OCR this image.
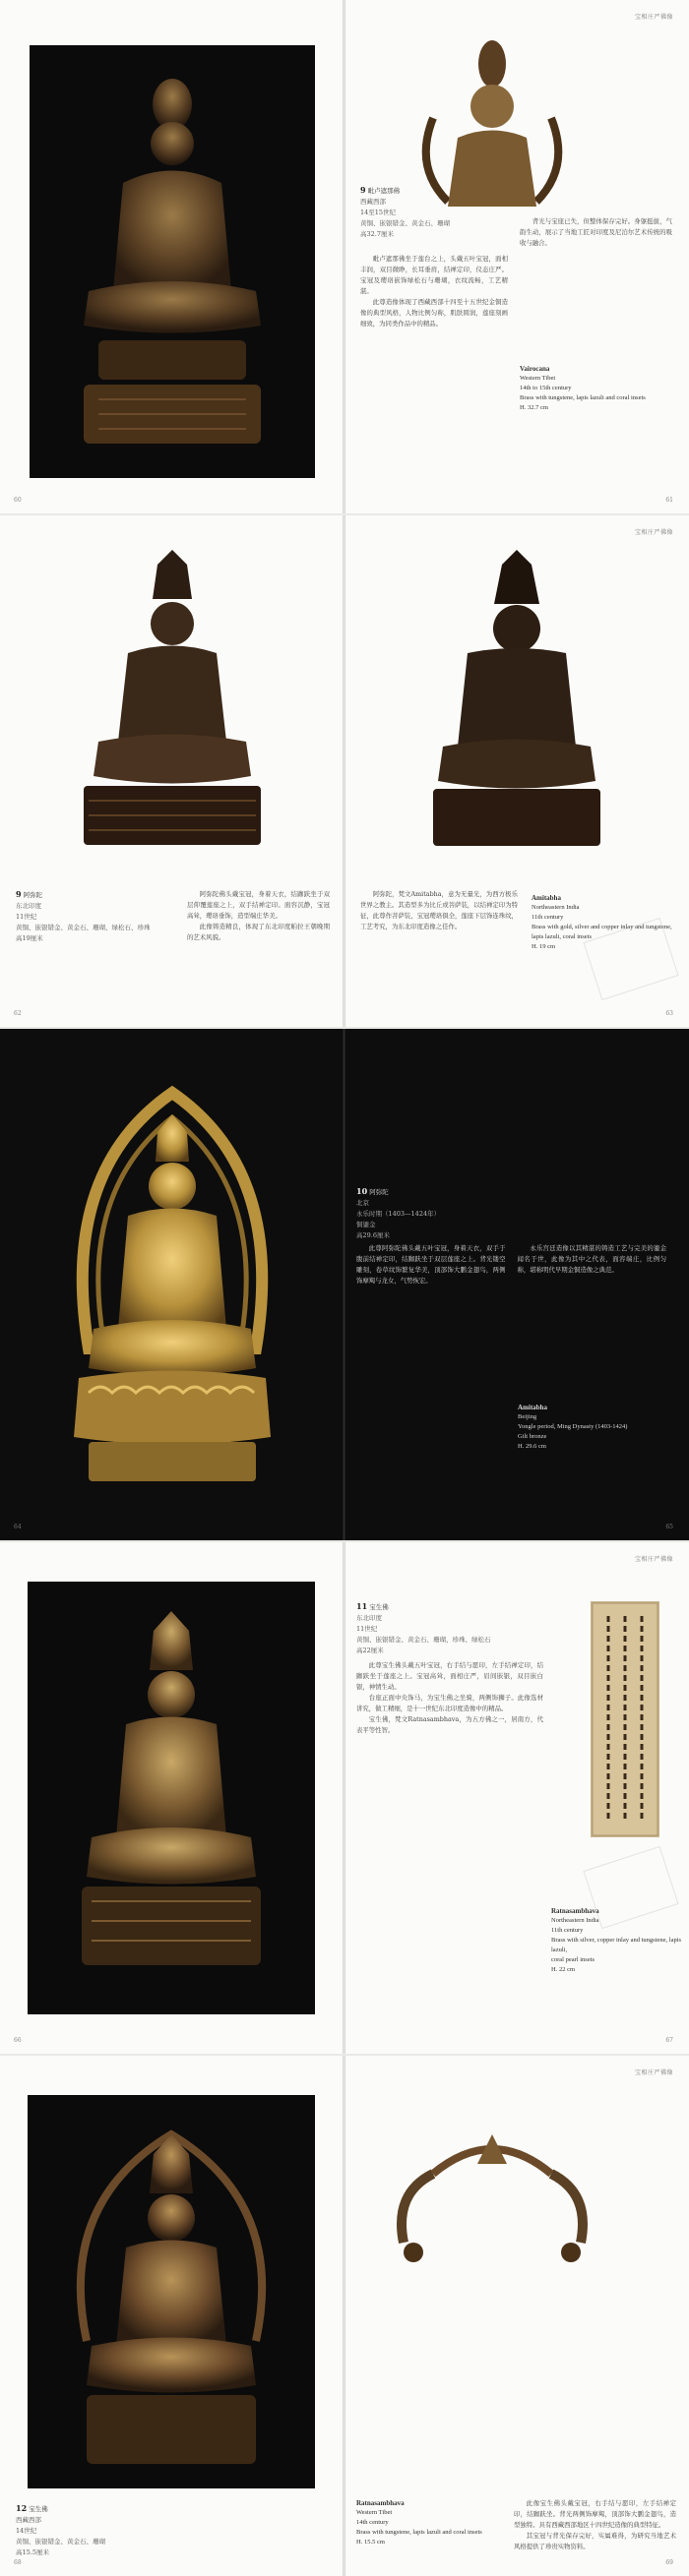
60
宝相庄严佛像
9 毗卢遮那佛
西藏西部
14至15世纪
黄铜、嵌银错金、黄金石、珊瑚
高32.7厘米

毗卢遮那佛坐于莲台之上，头戴五叶宝冠，面相丰润，双目微睁，长耳垂肩，结禅定印，仪态庄严。宝冠及璎珞嵌饰绿松石与珊瑚，衣纹流畅，工艺精湛。

此尊造像体现了西藏西部十四至十五世纪金铜造像的典型风格，人物比例匀称，肌肤圆润，莲座刻画细致，为同类作品中的精品。

背光与宝座已失，但整体保存完好。身躯挺拔，气韵生动，展示了当地工匠对印度及尼泊尔艺术传统的吸收与融合。

Vairocana
Western Tibet
14th to 15th century
Brass with tungstene, lapis lazuli and coral insets
H. 32.7 cm
61
9 阿弥陀
东北印度
11世纪
黄铜、嵌银错金、黄金石、珊瑚、绿松石、珍珠
高19厘米

阿弥陀佛头戴宝冠，身着天衣，结跏趺坐于双层仰覆莲座之上，双手结禅定印。面容沉静，宝冠高耸，璎珞垂饰，造型端庄华美。

此像铸造精良，体现了东北印度帕拉王朝晚期的艺术风貌。

62
宝相庄严佛像

阿弥陀，梵文Amitabha，意为无量光，为西方极乐世界之教主。其造型多为比丘或菩萨装，以结禅定印为特征，此尊作菩萨装，宝冠璎珞俱全，莲座下层饰连珠纹，工艺考究，为东北印度造像之佳作。

Amitabha
Northeastern India
11th century
Brass with gold, silver and copper inlay and tungstene,
lapis lazuli, coral insets
H. 19 cm
63
64
10 阿弥陀
北京
永乐时期（1403—1424年）
铜鎏金
高29.6厘米

此尊阿弥陀佛头戴五叶宝冠，身着天衣，双手于腹前结禅定印，结跏趺坐于双层莲座之上。背光镂空雕刻，卷草纹饰繁复华美，顶部饰大鹏金翅鸟，两侧饰摩羯与龙女，气势恢宏。

永乐宫廷造像以其精湛的铸造工艺与完美的鎏金闻名于世，此像为其中之代表，面容端庄，比例匀称，堪称明代早期金铜造像之典范。

Amitabha
Beijing
Yongle period, Ming Dynasty (1403-1424)
Gilt bronze
H. 29.6 cm
65
66
宝相庄严佛像
11 宝生佛
东北印度
11世纪
黄铜、嵌银错金、黄金石、珊瑚、珍珠、绿松石
高22厘米

此尊宝生佛头戴五叶宝冠，右手结与愿印，左手结禅定印，结跏趺坐于莲座之上。宝冠高耸，面相庄严，眉间嵌银，双目嵌白银，神情生动。

台座正面中央饰马，为宝生佛之坐骑，两侧饰狮子。此像选材讲究，做工精细，是十一世纪东北印度造像中的精品。

宝生佛，梵文Ratnasambhava，为五方佛之一，居南方，代表平等性智。

Ratnasambhava
Northeastern India
11th century
Brass with silver, copper inlay and tungstene, lapis lazuli,
coral pearl insets
H. 22 cm
67
12 宝生佛
西藏西部
14世纪
黄铜、嵌银错金、黄金石、珊瑚
高15.5厘米
68
宝相庄严佛像

此像宝生佛头戴宝冠，右手结与愿印，左手结禅定印，结跏趺坐。背光两侧饰摩羯，顶部饰大鹏金翅鸟，造型独特。具有西藏西部地区十四世纪造像的典型特征。

其宝冠与背光保存完好，实属难得，为研究当地艺术风格提供了珍贵实物资料。

Ratnasambhava
Western Tibet
14th century
Brass with tungstene, lapis lazuli and coral insets
H. 15.5 cm
69
